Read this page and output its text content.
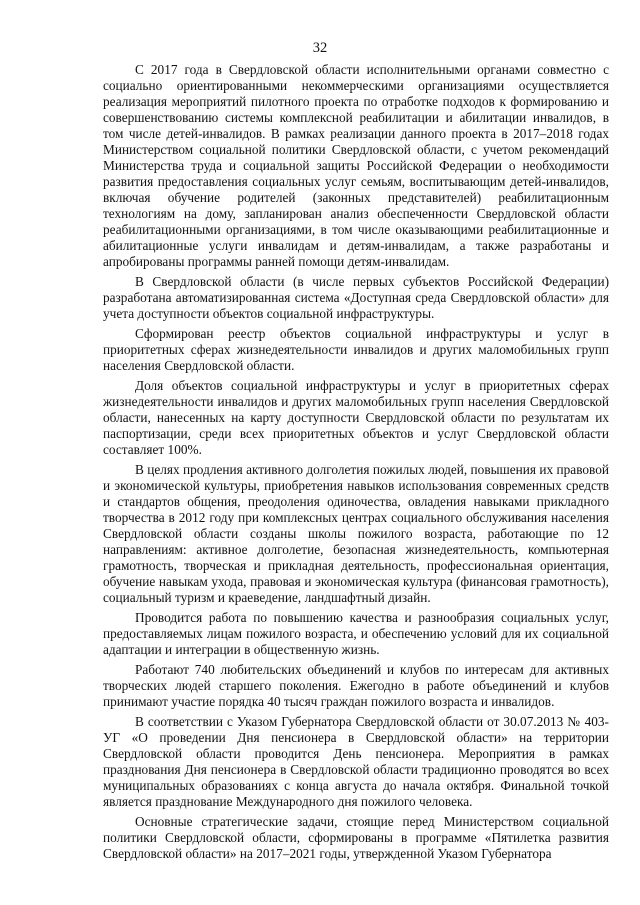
32

С 2017 года в Свердловской области исполнительными органами совместно с социально ориентированными некоммерческими организациями осуществляется реализация мероприятий пилотного проекта по отработке подходов к формированию и совершенствованию системы комплексной реабилитации и абилитации инвалидов, в том числе детей-инвалидов. В рамках реализации данного проекта в 2017–2018 годах Министерством социальной политики Свердловской области, с учетом рекомендаций Министерства труда и социальной защиты Российской Федерации о необходимости развития предоставления социальных услуг семьям, воспитывающим детей-инвалидов, включая обучение родителей (законных представителей) реабилитационным технологиям на дому, запланирован анализ обеспеченности Свердловской области реабилитационными организациями, в том числе оказывающими реабилитационные и абилитационные услуги инвалидам и детям-инвалидам, а также разработаны и апробированы программы ранней помощи детям-инвалидам.

В Свердловской области (в числе первых субъектов Российской Федерации) разработана автоматизированная система «Доступная среда Свердловской области» для учета доступности объектов социальной инфраструктуры.

Сформирован реестр объектов социальной инфраструктуры и услуг в приоритетных сферах жизнедеятельности инвалидов и других маломобильных групп населения Свердловской области.

Доля объектов социальной инфраструктуры и услуг в приоритетных сферах жизнедеятельности инвалидов и других маломобильных групп населения Свердловской области, нанесенных на карту доступности Свердловской области по результатам их паспортизации, среди всех приоритетных объектов и услуг Свердловской области составляет 100%.

В целях продления активного долголетия пожилых людей, повышения их правовой и экономической культуры, приобретения навыков использования современных средств и стандартов общения, преодоления одиночества, овладения навыками прикладного творчества в 2012 году при комплексных центрах социального обслуживания населения Свердловской области созданы школы пожилого возраста, работающие по 12 направлениям: активное долголетие, безопасная жизнедеятельность, компьютерная грамотность, творческая и прикладная деятельность, профессиональная ориентация, обучение навыкам ухода, правовая и экономическая культура (финансовая грамотность), социальный туризм и краеведение, ландшафтный дизайн.

Проводится работа по повышению качества и разнообразия социальных услуг, предоставляемых лицам пожилого возраста, и обеспечению условий для их социальной адаптации и интеграции в общественную жизнь.

Работают 740 любительских объединений и клубов по интересам для активных творческих людей старшего поколения. Ежегодно в работе объединений и клубов принимают участие порядка 40 тысяч граждан пожилого возраста и инвалидов.

В соответствии с Указом Губернатора Свердловской области от 30.07.2013 № 403-УГ «О проведении Дня пенсионера в Свердловской области» на территории Свердловской области проводится День пенсионера. Мероприятия в рамках празднования Дня пенсионера в Свердловской области традиционно проводятся во всех муниципальных образованиях с конца августа до начала октября. Финальной точкой является празднование Международного дня пожилого человека.

Основные стратегические задачи, стоящие перед Министерством социальной политики Свердловской области, сформированы в программе «Пятилетка развития Свердловской области» на 2017–2021 годы, утвержденной Указом Губернатора
